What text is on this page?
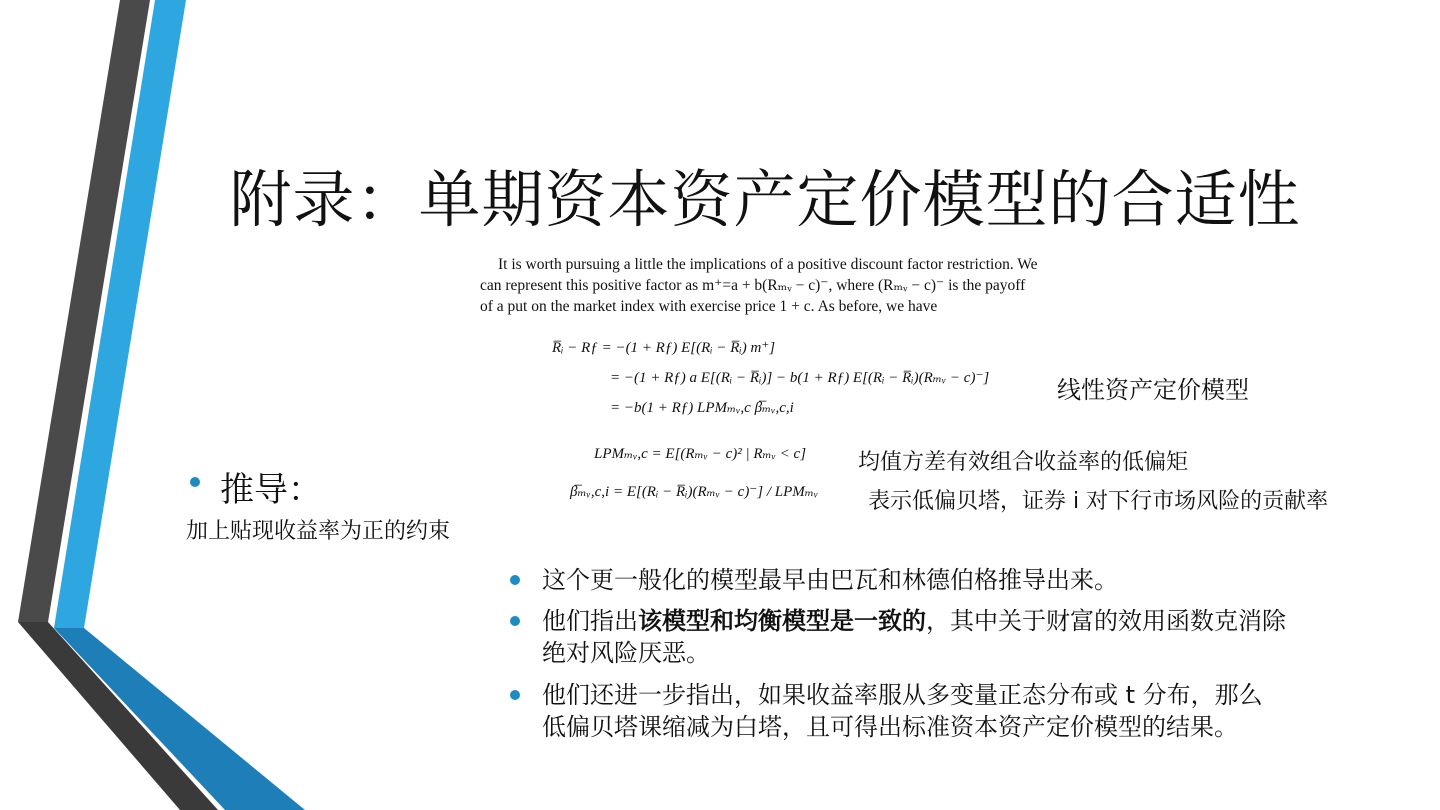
附录：单期资本资产定价模型的合适性

It is worth pursuing a little the implications of a positive discount factor restriction. We

can represent this positive factor as m⁺=a + b(Rₘᵥ − c)⁻, where (Rₘᵥ − c)⁻ is the payoff

of a put on the market index with exercise price 1 + c. As before, we have

R̅ᵢ − Rƒ = −(1 + Rƒ) E[(Rᵢ − R̅ᵢ) m⁺]
= −(1 + Rƒ) a E[(Rᵢ − R̅ᵢ)] − b(1 + Rƒ) E[(Rᵢ − R̅ᵢ)(Rₘᵥ − c)⁻]
= −b(1 + Rƒ) LPMₘᵥ,c β̅ₘᵥ,c,i
LPMₘᵥ,c = E[(Rₘᵥ − c)² | Rₘᵥ < c]
β̅ₘᵥ,c,i = E[(Rᵢ − R̅ᵢ)(Rₘᵥ − c)⁻] / LPMₘᵥ
线性资产定价模型
均值方差有效组合收益率的低偏矩
表示低偏贝塔，证券 i 对下行市场风险的贡献率
推导：
加上贴现收益率为正的约束
这个更一般化的模型最早由巴瓦和林德伯格推导出来。
他们指出该模型和均衡模型是一致的，其中关于财富的效用函数克消除绝对风险厌恶。
他们还进一步指出，如果收益率服从多变量正态分布或 t 分布，那么低偏贝塔课缩减为白塔，且可得出标准资本资产定价模型的结果。
